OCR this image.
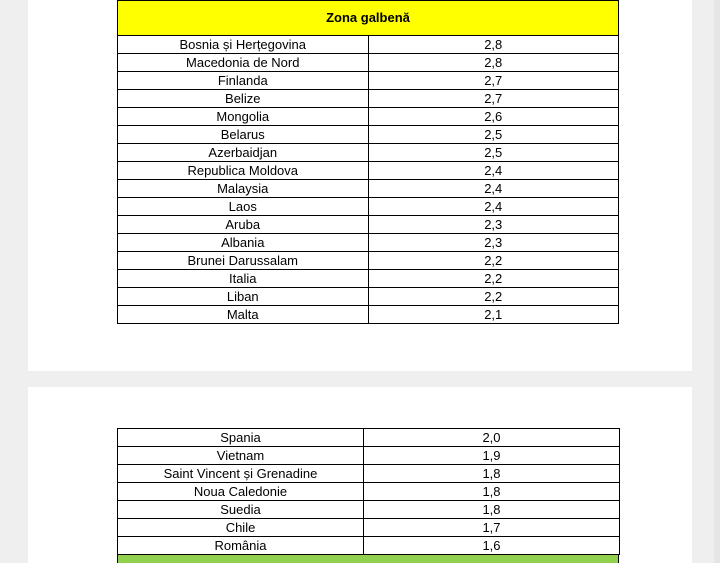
Zona galbenă	
Bosnia și Herțegovina	2,8
Macedonia de Nord	2,8
Finlanda	2,7
Belize	2,7
Mongolia	2,6
Belarus	2,5
Azerbaidjan	2,5
Republica Moldova	2,4
Malaysia	2,4
Laos	2,4
Aruba	2,3
Albania	2,3
Brunei Darussalam	2,2
Italia	2,2
Liban	2,2
Malta	2,1
Spania	2,0
Vietnam	1,9
Saint Vincent și Grenadine	1,8
Noua Caledonie	1,8
Suedia	1,8
Chile	1,7
România	1,6
